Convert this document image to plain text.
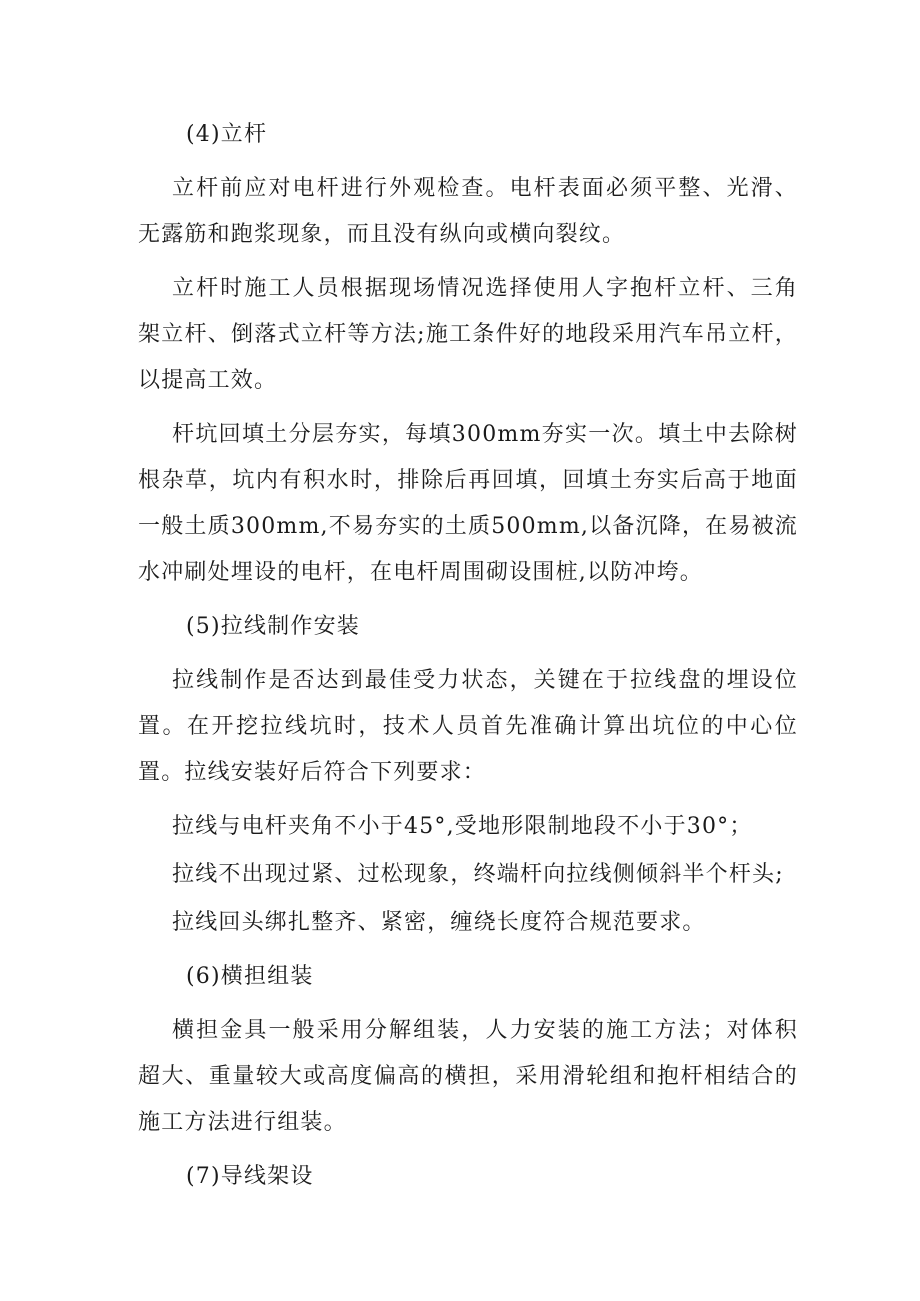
(4)立杆

立杆前应对电杆进行外观检查。电杆表面必须平整、光滑、无露筋和跑浆现象，而且没有纵向或横向裂纹。

立杆时施工人员根据现场情况选择使用人字抱杆立杆、三角架立杆、倒落式立杆等方法;施工条件好的地段采用汽车吊立杆，以提高工效。

杆坑回填土分层夯实，每填300mm夯实一次。填土中去除树根杂草，坑内有积水时，排除后再回填，回填土夯实后高于地面一般土质300mm,不易夯实的土质500mm,以备沉降，在易被流水冲刷处埋设的电杆，在电杆周围砌设围桩,以防冲垮。

(5)拉线制作安装

拉线制作是否达到最佳受力状态，关键在于拉线盘的埋设位置。在开挖拉线坑时，技术人员首先准确计算出坑位的中心位置。拉线安装好后符合下列要求：

拉线与电杆夹角不小于45°,受地形限制地段不小于30°；

拉线不出现过紧、过松现象，终端杆向拉线侧倾斜半个杆头;

拉线回头绑扎整齐、紧密，缠绕长度符合规范要求。

(6)横担组装

横担金具一般采用分解组装，人力安装的施工方法；对体积超大、重量较大或高度偏高的横担，采用滑轮组和抱杆相结合的施工方法进行组装。

(7)导线架设
